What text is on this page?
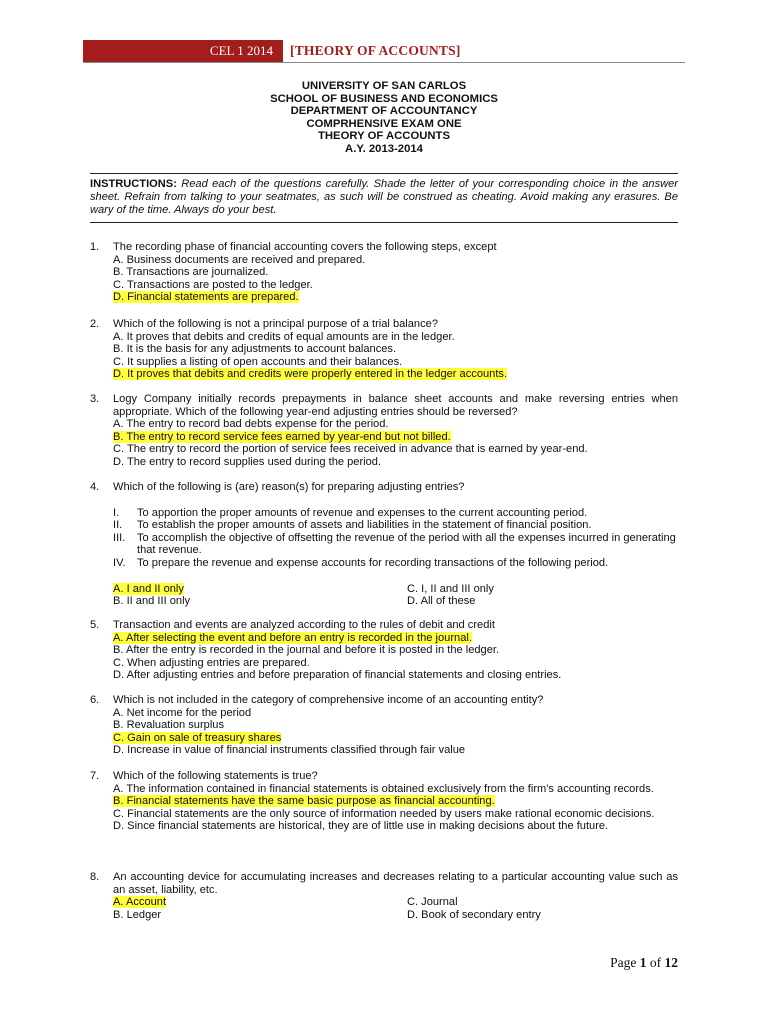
CEL 1 2014 [THEORY OF ACCOUNTS]
UNIVERSITY OF SAN CARLOS
SCHOOL OF BUSINESS AND ECONOMICS
DEPARTMENT OF ACCOUNTANCY
COMPRHENSIVE EXAM ONE
THEORY OF ACCOUNTS
A.Y. 2013-2014
INSTRUCTIONS: Read each of the questions carefully. Shade the letter of your corresponding choice in the answer sheet. Refrain from talking to your seatmates, as such will be construed as cheating. Avoid making any erasures. Be wary of the time. Always do your best.
1.	The recording phase of financial accounting covers the following steps, except
A. Business documents are received and prepared.
B. Transactions are journalized.
C. Transactions are posted to the ledger.
D. Financial statements are prepared.
2.	Which of the following is not a principal purpose of a trial balance?
A. It proves that debits and credits of equal amounts are in the ledger.
B. It is the basis for any adjustments to account balances.
C. It supplies a listing of open accounts and their balances.
D. It proves that debits and credits were properly entered in the ledger accounts.
3.	Logy Company initially records prepayments in balance sheet accounts and make reversing entries when appropriate. Which of the following year-end adjusting entries should be reversed?
A. The entry to record bad debts expense for the period.
B. The entry to record service fees earned by year-end but not billed.
C. The entry to record the portion of service fees received in advance that is earned by year-end.
D. The entry to record supplies used during the period.
4.	Which of the following is (are) reason(s) for preparing adjusting entries?
I.	To apportion the proper amounts of revenue and expenses to the current accounting period.
II.	To establish the proper amounts of assets and liabilities in the statement of financial position.
III.	To accomplish the objective of offsetting the revenue of the period with all the expenses incurred in generating that revenue.
IV.	To prepare the revenue and expense accounts for recording transactions of the following period.
A. I and II only	C. I, II and III only
B. II and III only	D. All of these
5.	Transaction and events are analyzed according to the rules of debit and credit
A. After selecting the event and before an entry is recorded in the journal.
B. After the entry is recorded in the journal and before it is posted in the ledger.
C. When adjusting entries are prepared.
D. After adjusting entries and before preparation of financial statements and closing entries.
6.	Which is not included in the category of comprehensive income of an accounting entity?
A. Net income for the period
B. Revaluation surplus
C. Gain on sale of treasury shares
D. Increase in value of financial instruments classified through fair value
7.	Which of the following statements is true?
A. The information contained in financial statements is obtained exclusively from the firm's accounting records.
B. Financial statements have the same basic purpose as financial accounting.
C. Financial statements are the only source of information needed by users make rational economic decisions.
D. Since financial statements are historical, they are of little use in making decisions about the future.
8.	An accounting device for accumulating increases and decreases relating to a particular accounting value such as an asset, liability, etc.
A. Account	C. Journal
B. Ledger	D. Book of secondary entry
Page 1 of 12
